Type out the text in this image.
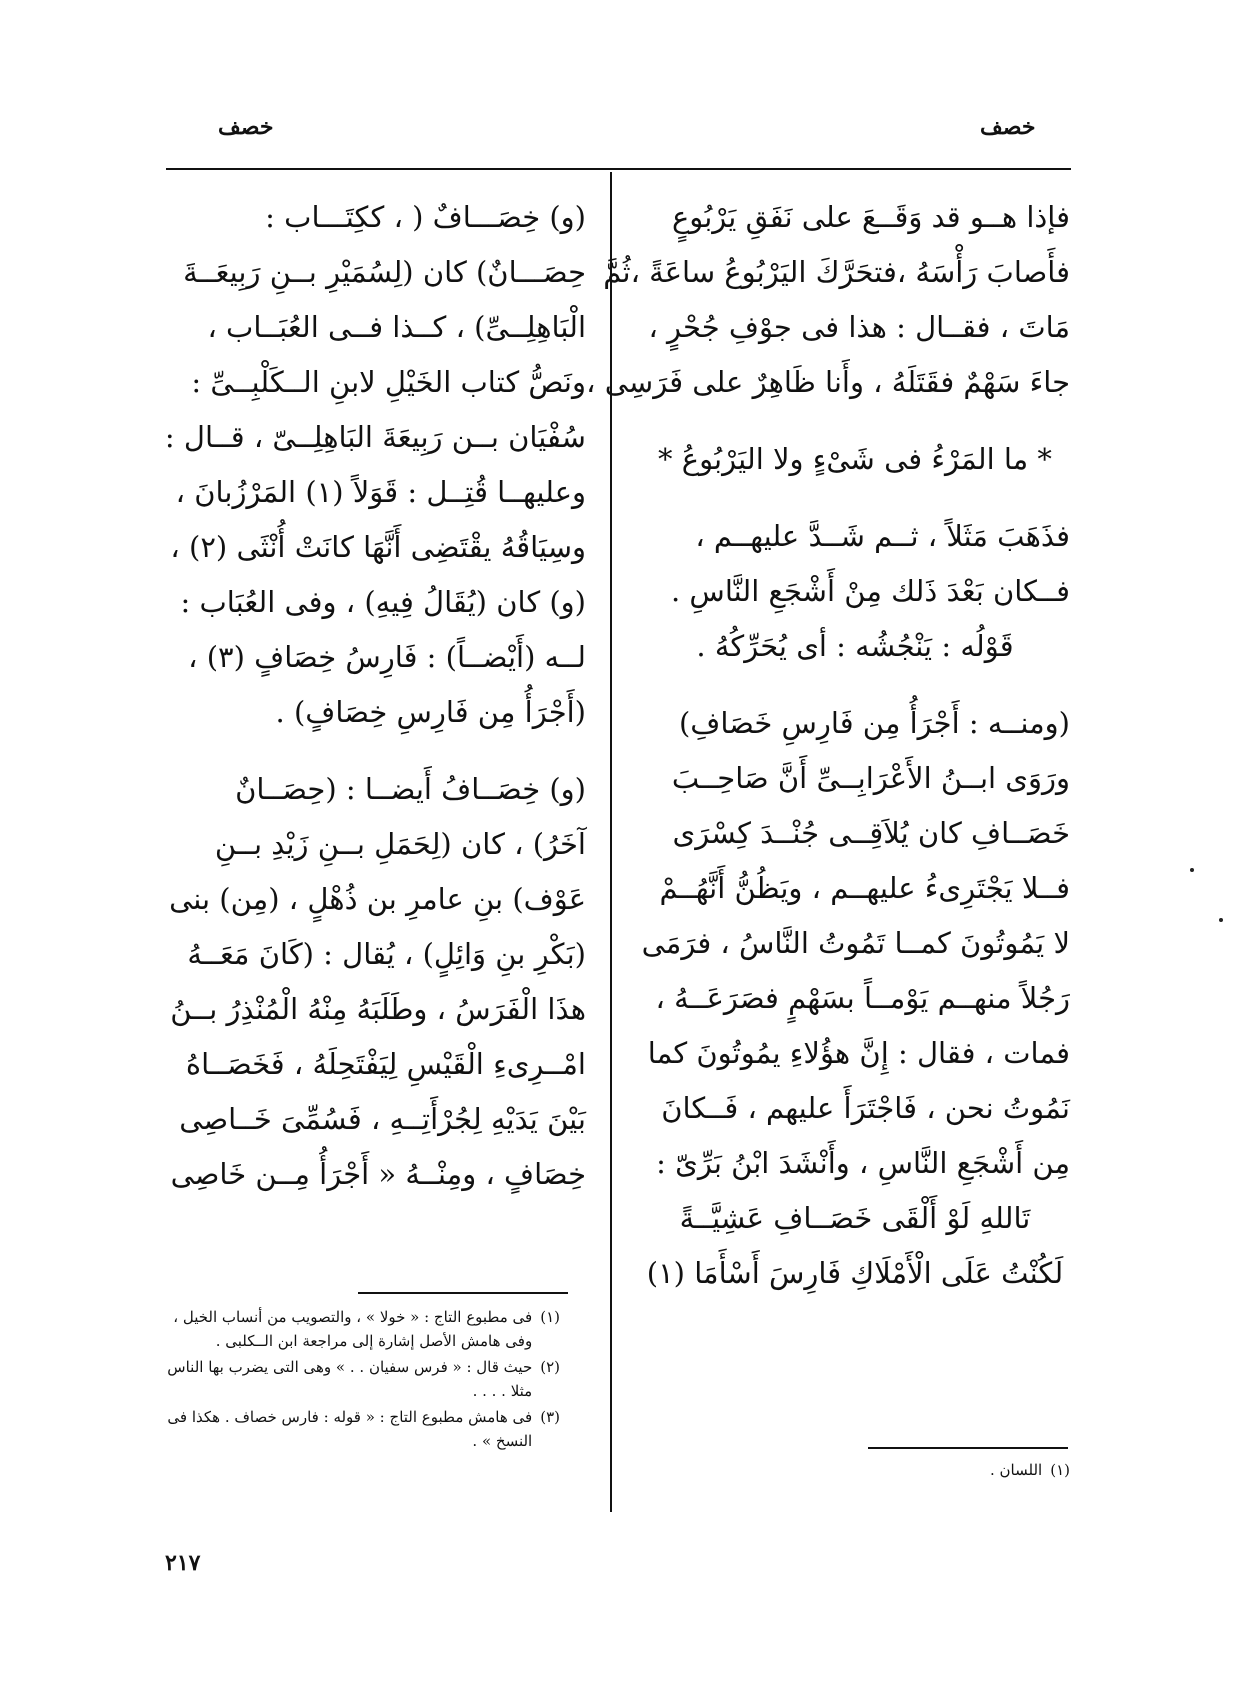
خصف	خصف
فإذا هــو قد وَقَــعَ على نَفَقِ يَرْبُوعٍ
فأَصابَ رَأْسَهُ ،فتحَرَّكَ اليَرْبُوعُ ساعَةً ،ثُمَّ
مَاتَ ، فقــال : هذا فى جوْفِ جُحْرٍ ،
جاءَ سَهْمٌ فقَتَلَهُ ، وأَنا ظَاهِرٌ على فَرَسِى ،
* ما المَرْءُ فى شَىْءٍ ولا اليَرْبُوعُ *
فذَهَبَ مَثَلاً ، ثــم شَــدَّ عليهــم ،
فــكان بَعْدَ ذَلك مِنْ أَشْجَعِ النَّاسِ .
قَوْلُه : يَنْجُشُه : أى يُحَرِّكُهُ .
(ومنــه : أَجْرَأُ مِن فَارِسِ خَصَافِ)
ورَوَى ابــنُ الأَعْرَابِــىِّ أَنَّ صَاحِــبَ
خَصَــافِ كان يُلاَقِــى جُنْــدَ كِسْرَى
فــلا يَجْتَرِىءُ عليهــم ، ويَظُنُّ أَنَّهُــمْ
لا يَمُوتُونَ كمــا تَمُوتُ النَّاسُ ، فرَمَى
رَجُلاً منهــم يَوْمــاً بسَهْمٍ فصَرَعَــهُ ،
فمات ، فقال : إِنَّ هؤُلاءِ يمُوتُونَ كما
نَمُوتُ نحن ، فَاجْتَرَأَ عليهم ، فَــكانَ
مِن أَشْجَعِ النَّاسِ ، وأَنْشَدَ ابْنُ بَرِّىّ :
تَاللهِ لَوْ أَلْقَى خَصَــافِ عَشِيَّــةً
لَكُنْتُ عَلَى الْأَمْلَاكِ فَارِسَ أَسْأَمَا (١)
(و) خِصَـــافٌ ( ، ككِتَـــاب :
حِصَـــانٌ) كان (لِسُمَيْرِ بــنِ رَبِيعَــةَ
الْبَاهِلِــىِّ) ، كــذا فــى العُبَــاب ،
ونَصُّ كتاب الخَيْلِ لابنِ الــكَلْبِــىِّ :
سُفْيَان بــن رَبِيعَةَ البَاهِلِــىّ ، قــال :
وعليهــا قُتِــل : قَوَلاً (١) المَرْزُبانَ ،
وسِيَاقُهُ يقْتَضِى أَنَّهَا كانَتْ أُنْثَى (٢) ،
(و) كان (يُقَالُ فِيهِ) ، وفى العُبَاب :
لــه (أَيْضــاً) : فَارِسُ خِصَافٍ (٣) ،
(أَجْرَأُ مِن فَارِسِ خِصَافٍ) .
(و) خِصَــافُ أَيضــا : (حِصَــانٌ
آخَرُ) ، كان (لِحَمَلِ بــنِ زَيْدِ بــنِ
عَوْف) بنِ عامرِ بن ذُهْلٍ ، (مِن) بنى
(بَكْرِ بنِ وَائِلٍ) ، يُقال : (كَانَ مَعَــهُ
هذَا الْفَرَسُ ، وطَلَبَهُ مِنْهُ الْمُنْذِرُ بــنُ
امْــرِىءِ الْقَيْسِ لِيَفْتَحِلَهُ ، فَخَصَــاهُ
بَيْنَ يَدَيْهِ لِجُرْأَتِــهِ ، فَسُمِّىَ خَــاصِى
خِصَافٍ ، ومِنْــهُ « أَجْرَأُ مِــن خَاصِى
(١)
فى مطبوع التاج : « خولا » ، والتصويب من أنساب الخيل ، وفى هامش الأصل إشارة إلى مراجعة ابن الــكلبى .
(٢)
حيث قال : « فرس سفيان . . » وهى التى يضرب بها الناس مثلا . . . .
(٣)
فى هامش مطبوع التاج : « قوله : فارس خصاف . هكذا فى النسخ » .
(١)
اللسان .
٢١٧
